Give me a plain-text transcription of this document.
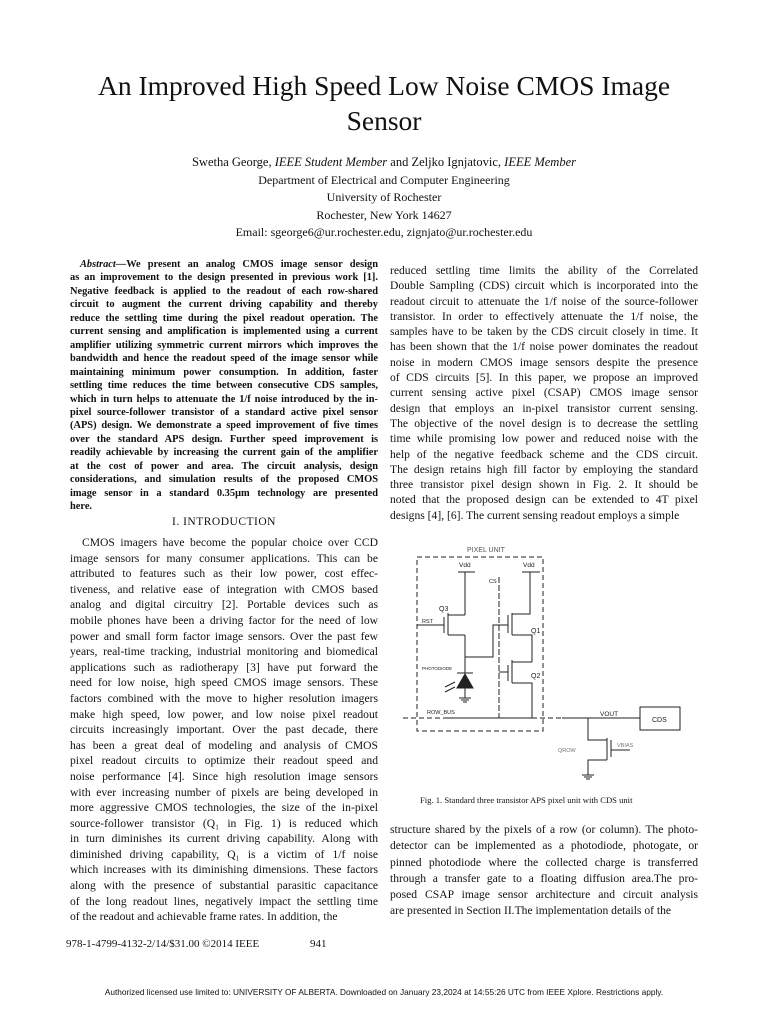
An Improved High Speed Low Noise CMOS Image
Sensor
Swetha George, IEEE Student Member and Zeljko Ignjatovic, IEEE Member
Department of Electrical and Computer Engineering
University of Rochester
Rochester, New York 14627
Email: sgeorge6@ur.rochester.edu, zignjato@ur.rochester.edu
Abstract—We present an analog CMOS image sensor design
as an improvement to the design presented in previous work [1].
Negative feedback is applied to the readout of each row-shared
circuit to augment the current driving capability and thereby
reduce the settling time during the pixel readout operation. The
current sensing and amplification is implemented using a current
amplifier utilizing symmetric current mirrors which improves the
bandwidth and hence the readout speed of the image sensor while
maintaining minimum power consumption. In addition, faster
settling time reduces the time between consecutive CDS samples,
which in turn helps to attenuate the 1/f noise introduced by the in-
pixel source-follower transistor of a standard active pixel sensor
(APS) design. We demonstrate a speed improvement of five times
over the standard APS design. Further speed improvement is
readily achievable by increasing the current gain of the amplifier
at the cost of power and area. The circuit analysis, design
considerations, and simulation results of the proposed CMOS
image sensor in a standard 0.35μm technology are presented
here.
I. INTRODUCTION
CMOS imagers have become the popular choice over CCD
image sensors for many consumer applications. This can be
attributed to features such as their low power, cost effec-
tiveness, and relative ease of integration with CMOS based
analog and digital circuitry [2]. Portable devices such as
mobile phones have been a driving factor for the need of low
power and small form factor image sensors. Over the past few
years, real-time tracking, industrial monitoring and biomedical
applications such as radiotherapy [3] have put forward the
need for low noise, high speed CMOS image sensors. These
factors combined with the move to higher resolution imagers
make high speed, low power, and low noise pixel readout
circuits increasingly important. Over the past decade, there
has been a great deal of modeling and analysis of CMOS
pixel readout circuits to optimize their readout speed and
noise performance [4]. Since high resolution image sensors
with ever increasing number of pixels are being developed in
more aggressive CMOS technologies, the size of the in-pixel
source-follower transistor (Q₁ in Fig. 1) is reduced which
in turn diminishes its current driving capability. Along with
diminished driving capability, Q₁ is a victim of 1/f noise
which increases with its diminishing dimensions. These factors
along with the presence of substantial parasitic capacitance
of the long readout lines, negatively impact the settling time
of the readout and achievable frame rates. In addition, the
reduced settling time limits the ability of the Correlated
Double Sampling (CDS) circuit which is incorporated into the
readout circuit to attenuate the 1/f noise of the source-follower
transistor. In order to effectively attenuate the 1/f noise, the
samples have to be taken by the CDS circuit closely in time. It
has been shown that the 1/f noise power dominates the readout
noise in modern CMOS image sensors despite the presence
of CDS circuits [5]. In this paper, we propose an improved
current sensing active pixel (CSAP) CMOS image sensor
design that employs an in-pixel transistor current sensing.
The objective of the novel design is to decrease the settling
time while promising low power and reduced noise with the
help of the negative feedback scheme and the CDS circuit.
The design retains high fill factor by employing the standard
three transistor pixel design shown in Fig. 2. It should be
noted that the proposed design can be extended to 4T pixel
designs [4], [6]. The current sensing readout employs a simple
structure shared by the pixels of a row (or column). The photo-
detector can be implemented as a photodiode, photogate, or
pinned photodiode where the collected charge is transferred
through a transfer gate to a floating diffusion area.The pro-
posed CSAP image sensor architecture and circuit analysis
are presented in Section II.The implementation details of the
PIXEL UNIT
Vdd
Q3
RST
Vdd
Q1
CS
Q2
PHOTODIODE
ROW_BUS	VOUT
CDS
QROW
VBIAS
Fig. 1. Standard three transistor APS pixel unit with CDS unit
978-1-4799-4132-2/14/$31.00 ©2014 IEEE	941
Authorized licensed use limited to: UNIVERSITY OF ALBERTA. Downloaded on January 23,2024 at 14:55:26 UTC from IEEE Xplore. Restrictions apply.
